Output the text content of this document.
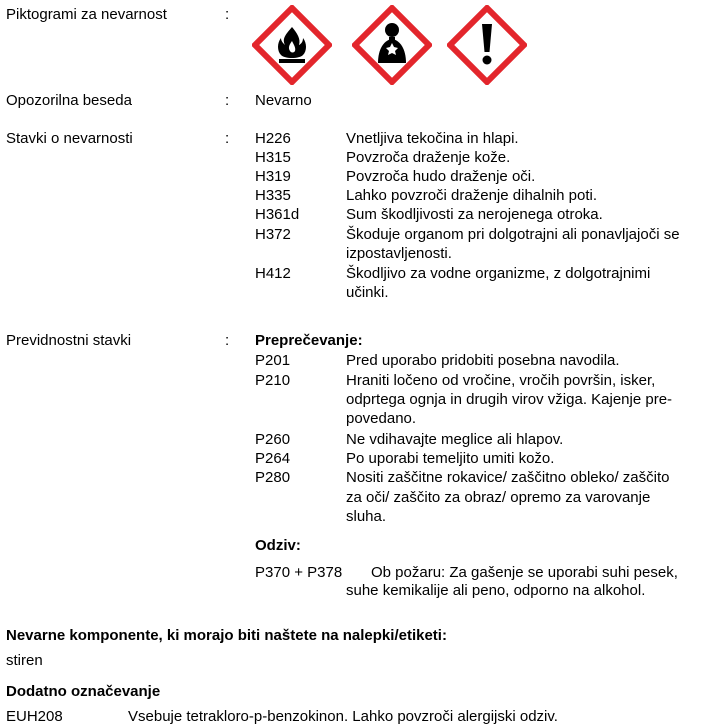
Piktogrami za nevarnost	:
Opozorilna beseda	: Nevarno
Stavki o nevarnosti	: H226	Vnetljiva tekočina in hlapi.
H315	Povzroča draženje kože.
H319	Povzroča hudo draženje oči.
H335	Lahko povzroči draženje dihalnih poti.
H361d	Sum škodljivosti za nerojenega otroka.
H372	Škoduje organom pri dolgotrajni ali ponavljajoči se
izpostavljenosti.
H412	Škodljivo za vodne organizme, z dolgotrajnimi
učinki.
Previdnostni stavki	: Preprečevanje:
P201	Pred uporabo pridobiti posebna navodila.
P210	Hraniti ločeno od vročine, vročih površin, isker,
odprtega ognja in drugih virov vžiga. Kajenje pre-
povedano.
P260	Ne vdihavajte meglice ali hlapov.
P264	Po uporabi temeljito umiti kožo.
P280	Nositi zaščitne rokavice/ zaščitno obleko/ zaščito
za oči/ zaščito za obraz/ opremo za varovanje
sluha.
Odziv:
P370 + P378 Ob požaru: Za gašenje se uporabi suhi pesek,
suhe kemikalije ali peno, odporno na alkohol.
Nevarne komponente, ki morajo biti naštete na nalepki/etiketi:
stiren
Dodatno označevanje
EUH208	Vsebuje tetrakloro-p-benzokinon. Lahko povzroči alergijski odziv.
